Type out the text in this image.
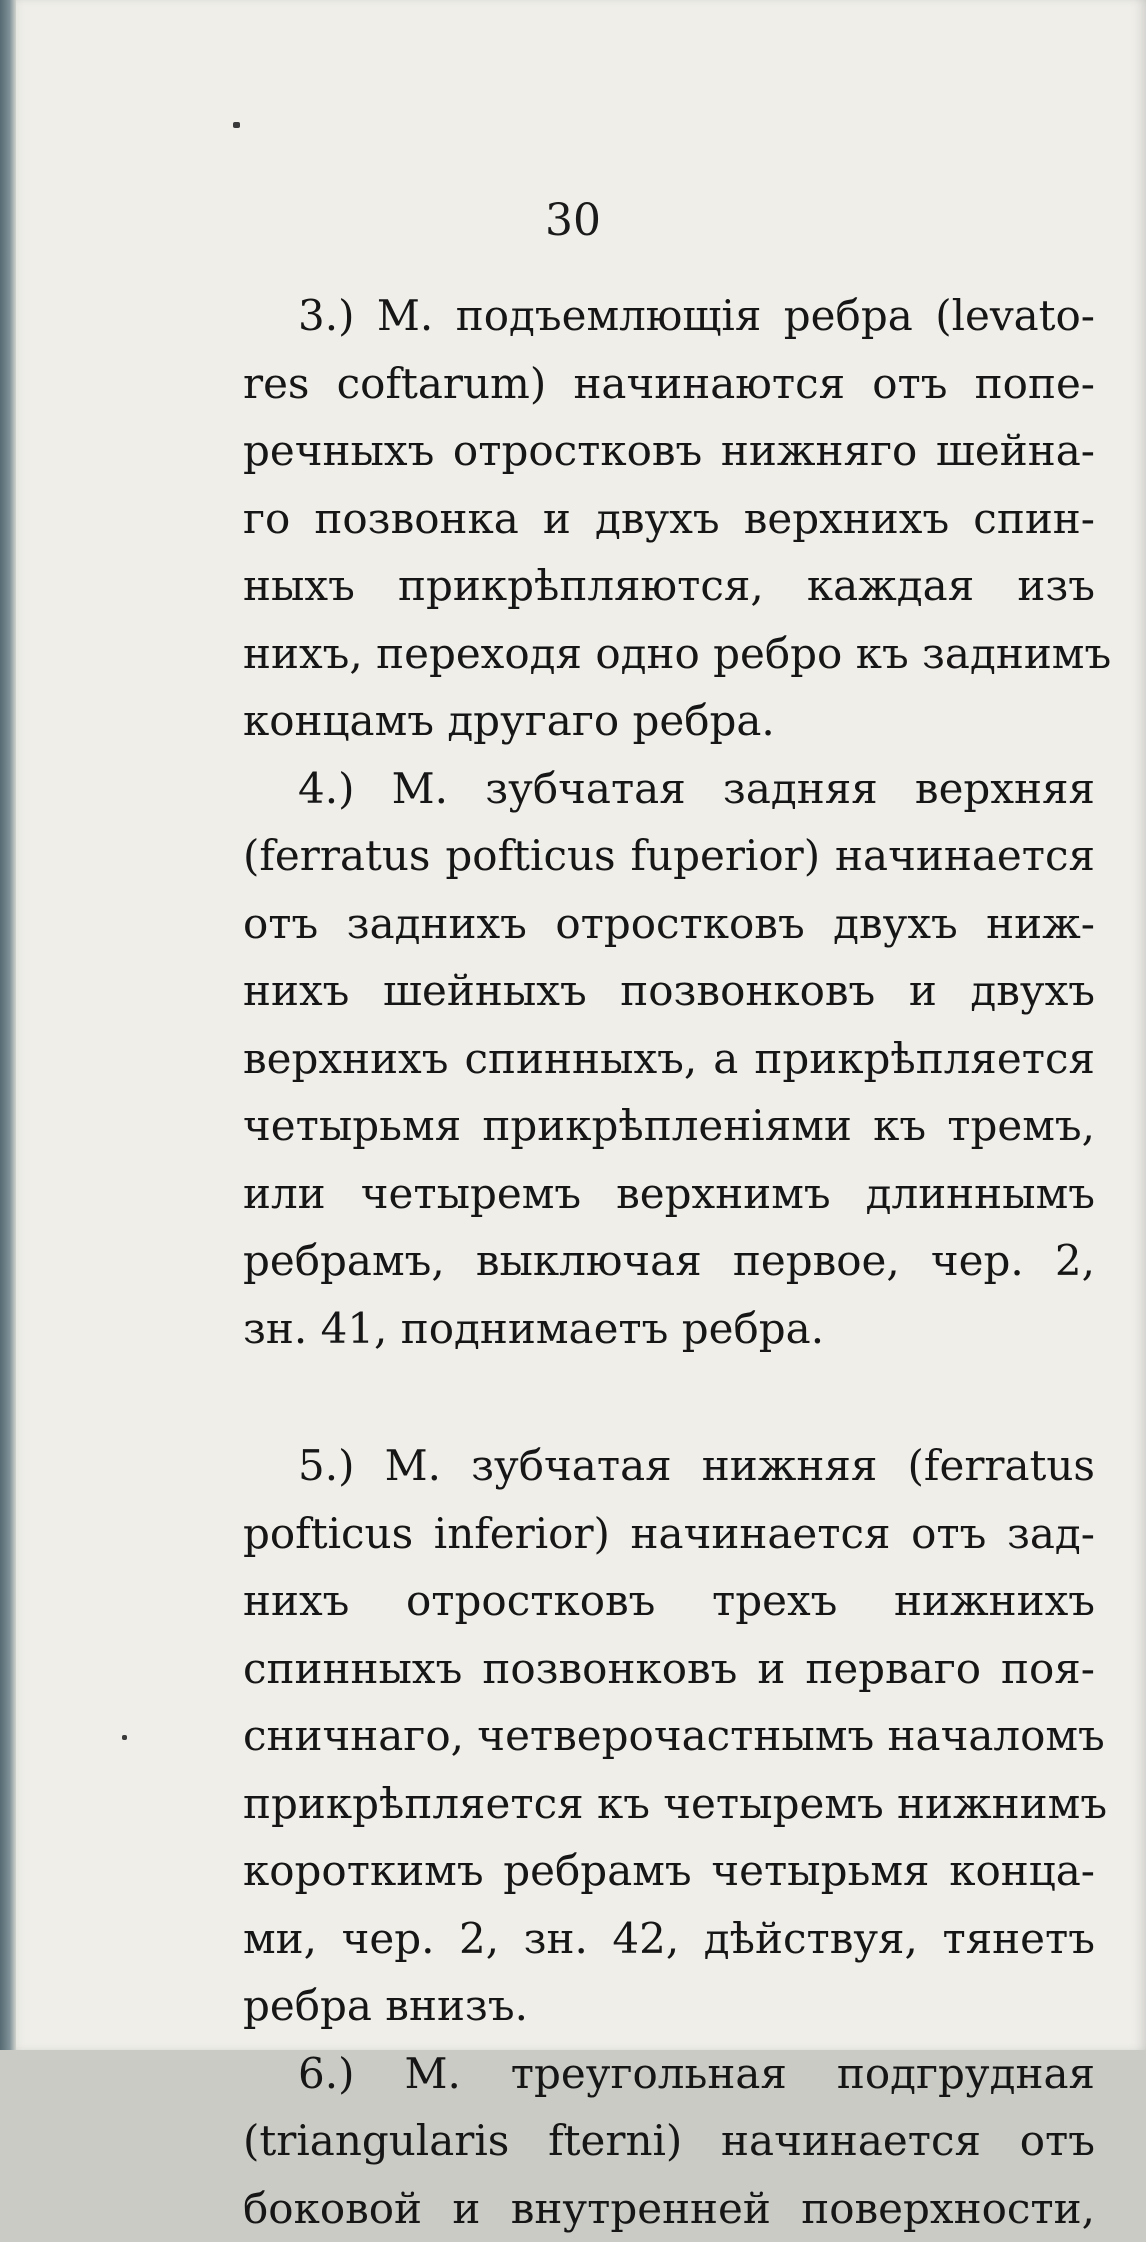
30
3.) М. подъемлющія ребра (levato-
res coftarum) начинаются отъ попе-
речныхъ отростковъ нижняго шейна-
го позвонка и двухъ верхнихъ спин-
ныхъ прикрѣпляются, каждая изъ
нихъ, переходя одно ребро къ заднимъ
концамъ другаго ребра.
4.) М. зубчатая задняя верхняя
(ferratus pofticus fuperior) начинается
отъ заднихъ отростковъ двухъ ниж-
нихъ шейныхъ позвонковъ и двухъ
верхнихъ спинныхъ, а прикрѣпляется
четырьмя прикрѣпленіями къ тремъ,
или четыремъ верхнимъ длиннымъ
ребрамъ, выключая первое, чер. 2,
зн. 41, поднимаетъ ребра.
5.) М. зубчатая нижняя (ferratus
pofticus inferior) начинается отъ зад-
нихъ отростковъ трехъ нижнихъ
спинныхъ позвонковъ и перваго поя-
сничнаго, четверочастнымъ началомъ
прикрѣпляется къ четыремъ нижнимъ
короткимъ ребрамъ четырьмя конца-
ми, чер. 2, зн. 42, дѣйствуя, тянетъ
ребра внизъ.
6.) М. треугольная подгрудная
(triangularis fterni) начинается отъ
боковой и внутренней поверхности,
